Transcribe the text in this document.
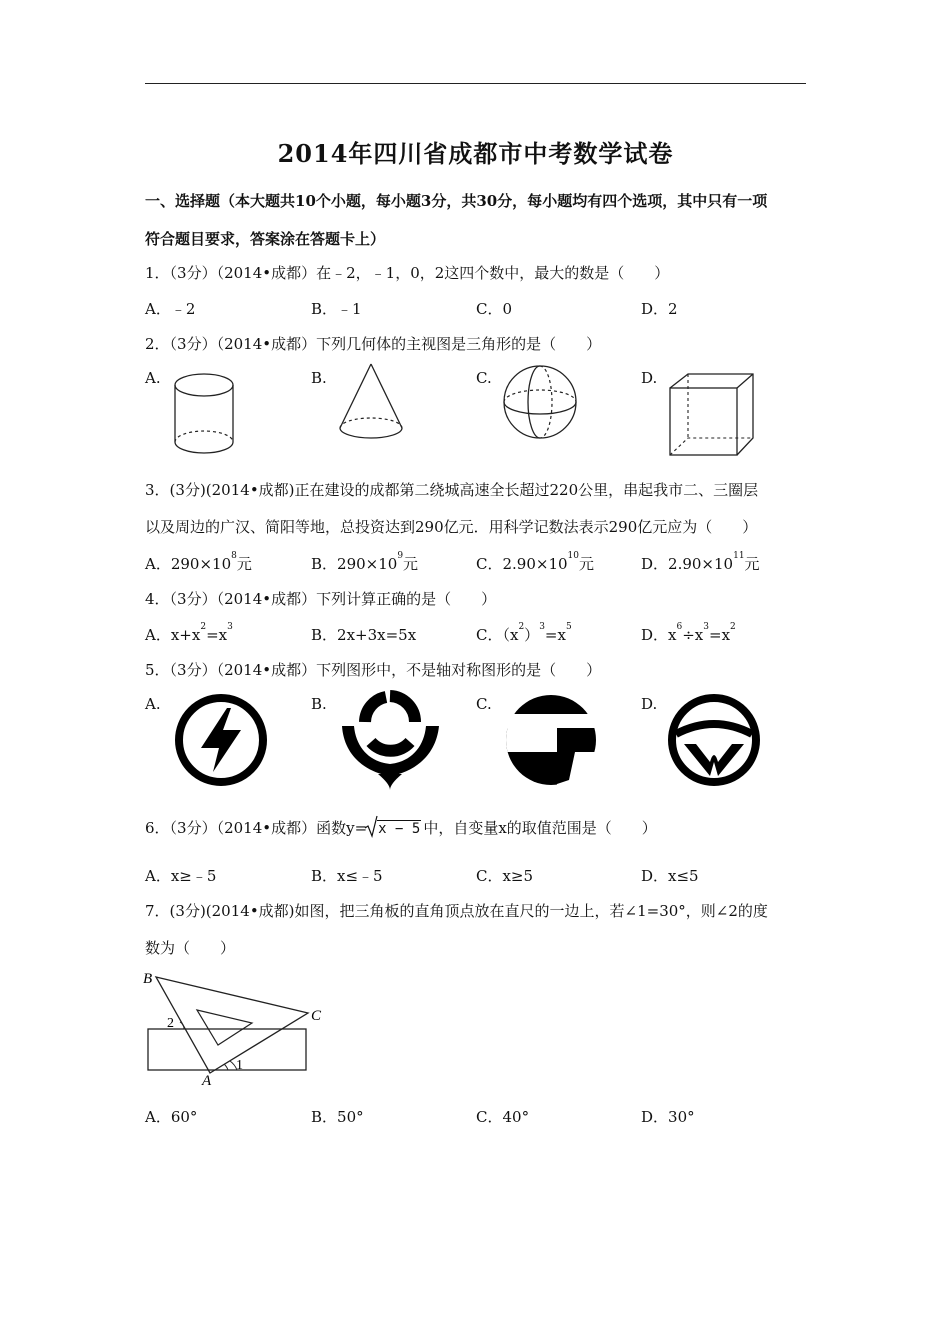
2014年四川省成都市中考数学试卷
一、选择题（本大题共10个小题，每小题3分，共30分，每小题均有四个选项，其中只有一项
符合题目要求，答案涂在答题卡上）
1．（3分）（2014•成都）在﹣2，﹣1，0，2这四个数中，最大的数是（　　）
A．﹣2	B．﹣1	C．0	D．2
2．（3分）（2014•成都）下列几何体的主视图是三角形的是（　　）
A.	B.	C.	D.
3．(3分)(2014•成都)正在建设的成都第二绕城高速全长超过220公里，串起我市二、三圈层
以及周边的广汉、简阳等地，总投资达到290亿元．用科学记数法表示290亿元应为（　　）
A．$290\times 10^8$元	B．$290\times 10^9$元	C．$2.90\times 10^{10}$元	D．$2.90\times 10^{11}$元
4．（3分）（2014•成都）下列计算正确的是（　　）
A．$x+x^2=x^3$	B．2x+3x=5x	C．$(x^2)^3=x^5$	D．$x^6\div x^3=x^2$
5．（3分）（2014•成都）下列图形中，不是轴对称图形的是（　　）
A.	B.	C.	D.
6．（3分）（2014•成都）函数y= x − 5 中，自变量x的取值范围是（　　）
A．x≥﹣5	B．x≤﹣5	C．x≥5	D．x≤5
7．(3分)(2014•成都)如图，把三角板的直角顶点放在直尺的一边上，若∠1=30°，则∠2的度
数为（　　）
B
C
A
1
2
A．60°	B．50°	C．40°	D．30°
